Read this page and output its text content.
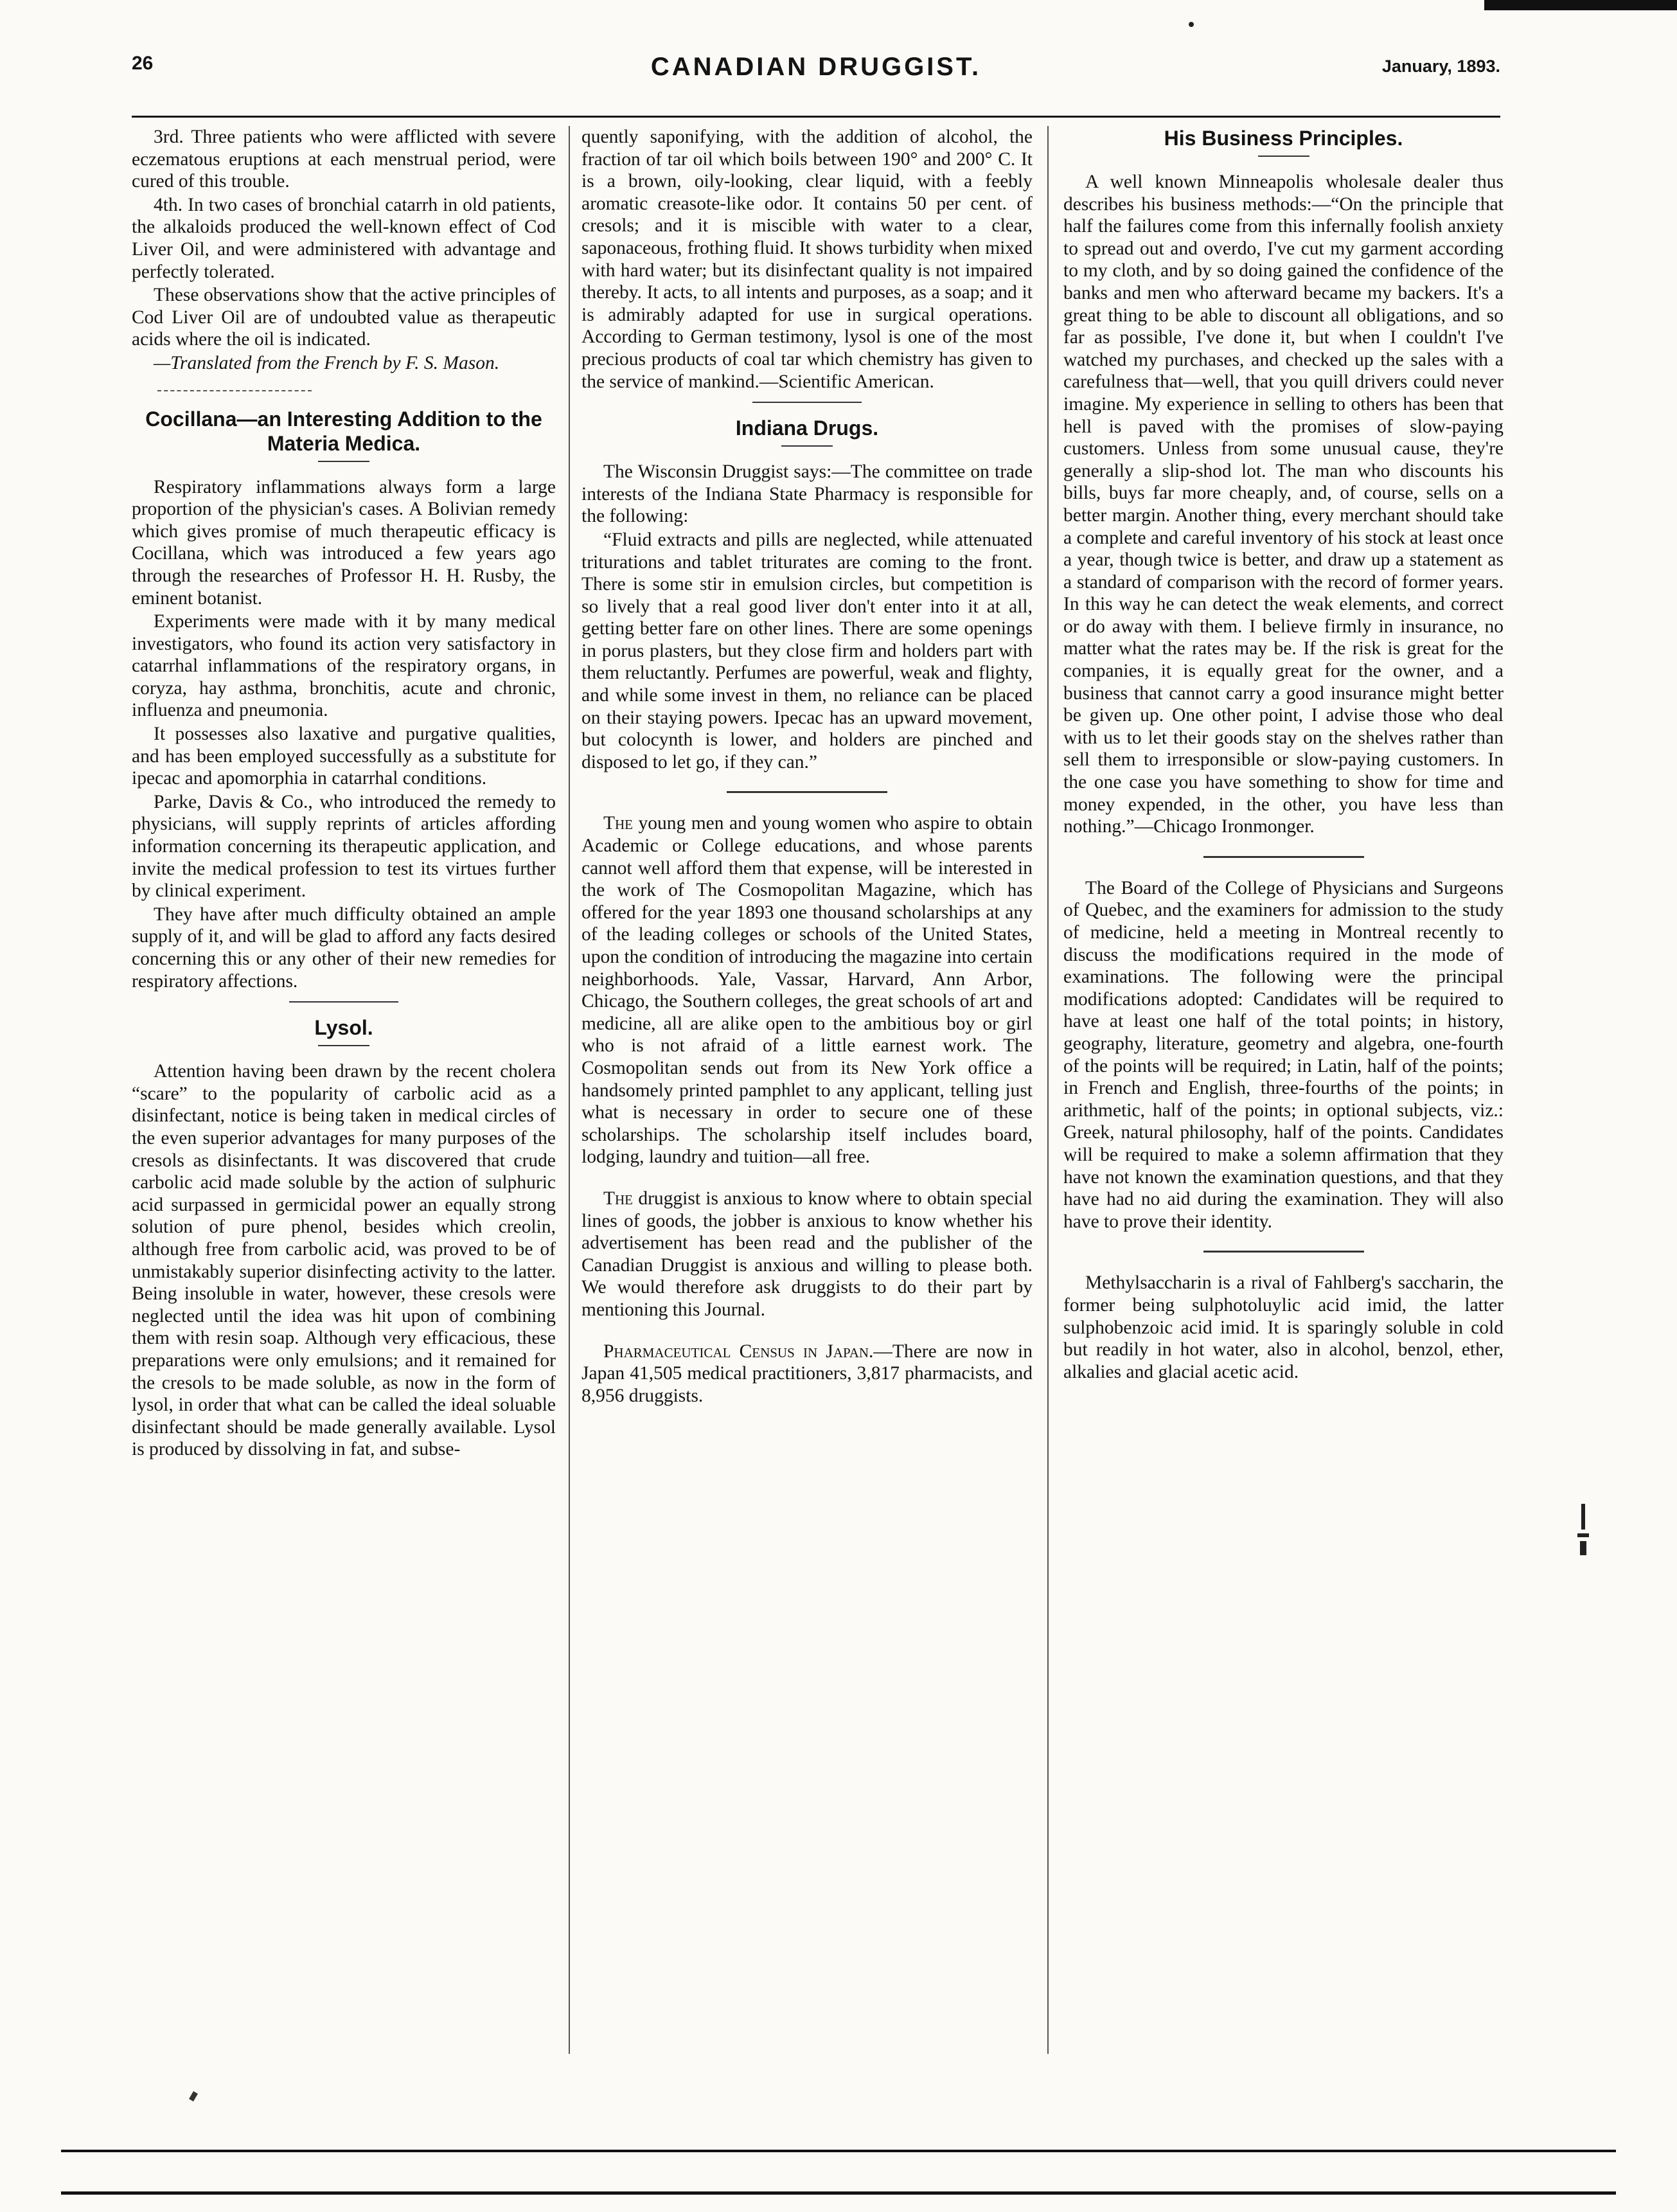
26	CANADIAN DRUGGIST.	January, 1893.

3rd. Three patients who were afflicted with severe eczematous eruptions at each menstrual period, were cured of this trouble.

4th. In two cases of bronchial catarrh in old patients, the alkaloids produced the well-known effect of Cod Liver Oil, and were administered with advantage and perfectly tolerated.

These observations show that the active principles of Cod Liver Oil are of undoubted value as therapeutic acids where the oil is indicated.

—Translated from the French by F. S. Mason.

Cocillana—an Interesting Addition to the Materia Medica.

Respiratory inflammations always form a large proportion of the physician's cases. A Bolivian remedy which gives promise of much therapeutic efficacy is Cocillana, which was introduced a few years ago through the researches of Professor H. H. Rusby, the eminent botanist.

Experiments were made with it by many medical investigators, who found its action very satisfactory in catarrhal inflammations of the respiratory organs, in coryza, hay asthma, bronchitis, acute and chronic, influenza and pneumonia.

It possesses also laxative and purgative qualities, and has been employed successfully as a substitute for ipecac and apomorphia in catarrhal conditions.

Parke, Davis & Co., who introduced the remedy to physicians, will supply reprints of articles affording information concerning its therapeutic application, and invite the medical profession to test its virtues further by clinical experiment.

They have after much difficulty obtained an ample supply of it, and will be glad to afford any facts desired concerning this or any other of their new remedies for respiratory affections.

Lysol.

Attention having been drawn by the recent cholera “scare” to the popularity of carbolic acid as a disinfectant, notice is being taken in medical circles of the even superior advantages for many purposes of the cresols as disinfectants. It was discovered that crude carbolic acid made soluble by the action of sulphuric acid surpassed in germicidal power an equally strong solution of pure phenol, besides which creolin, although free from carbolic acid, was proved to be of unmistakably superior disinfecting activity to the latter. Being insoluble in water, however, these cresols were neglected until the idea was hit upon of combining them with resin soap. Although very efficacious, these preparations were only emulsions; and it remained for the cresols to be made soluble, as now in the form of lysol, in order that what can be called the ideal soluable disinfectant should be made generally available. Lysol is produced by dissolving in fat, and subse-

quently saponifying, with the addition of alcohol, the fraction of tar oil which boils between 190° and 200° C. It is a brown, oily-looking, clear liquid, with a feebly aromatic creasote-like odor. It contains 50 per cent. of cresols; and it is miscible with water to a clear, saponaceous, frothing fluid. It shows turbidity when mixed with hard water; but its disinfectant quality is not impaired thereby. It acts, to all intents and purposes, as a soap; and it is admirably adapted for use in surgical operations. According to German testimony, lysol is one of the most precious products of coal tar which chemistry has given to the service of mankind.—Scientific American.

Indiana Drugs.

The Wisconsin Druggist says:—The committee on trade interests of the Indiana State Pharmacy is responsible for the following:

“Fluid extracts and pills are neglected, while attenuated triturations and tablet triturates are coming to the front. There is some stir in emulsion circles, but competition is so lively that a real good liver don't enter into it at all, getting better fare on other lines. There are some openings in porus plasters, but they close firm and holders part with them reluctantly. Perfumes are powerful, weak and flighty, and while some invest in them, no reliance can be placed on their staying powers. Ipecac has an upward movement, but colocynth is lower, and holders are pinched and disposed to let go, if they can.”

The young men and young women who aspire to obtain Academic or College educations, and whose parents cannot well afford them that expense, will be interested in the work of The Cosmopolitan Magazine, which has offered for the year 1893 one thousand scholarships at any of the leading colleges or schools of the United States, upon the condition of introducing the magazine into certain neighborhoods. Yale, Vassar, Harvard, Ann Arbor, Chicago, the Southern colleges, the great schools of art and medicine, all are alike open to the ambitious boy or girl who is not afraid of a little earnest work. The Cosmopolitan sends out from its New York office a handsomely printed pamphlet to any applicant, telling just what is necessary in order to secure one of these scholarships. The scholarship itself includes board, lodging, laundry and tuition—all free.

The druggist is anxious to know where to obtain special lines of goods, the jobber is anxious to know whether his advertisement has been read and the publisher of the Canadian Druggist is anxious and willing to please both. We would therefore ask druggists to do their part by mentioning this Journal.

Pharmaceutical Census in Japan.—There are now in Japan 41,505 medical practitioners, 3,817 pharmacists, and 8,956 druggists.

His Business Principles.

A well known Minneapolis wholesale dealer thus describes his business methods:—“On the principle that half the failures come from this infernally foolish anxiety to spread out and overdo, I've cut my garment according to my cloth, and by so doing gained the confidence of the banks and men who afterward became my backers. It's a great thing to be able to discount all obligations, and so far as possible, I've done it, but when I couldn't I've watched my purchases, and checked up the sales with a carefulness that—well, that you quill drivers could never imagine. My experience in selling to others has been that hell is paved with the promises of slow-paying customers. Unless from some unusual cause, they're generally a slip-shod lot. The man who discounts his bills, buys far more cheaply, and, of course, sells on a better margin. Another thing, every merchant should take a complete and careful inventory of his stock at least once a year, though twice is better, and draw up a statement as a standard of comparison with the record of former years. In this way he can detect the weak elements, and correct or do away with them. I believe firmly in insurance, no matter what the rates may be. If the risk is great for the companies, it is equally great for the owner, and a business that cannot carry a good insurance might better be given up. One other point, I advise those who deal with us to let their goods stay on the shelves rather than sell them to irresponsible or slow-paying customers. In the one case you have something to show for time and money expended, in the other, you have less than nothing.”—Chicago Ironmonger.

The Board of the College of Physicians and Surgeons of Quebec, and the examiners for admission to the study of medicine, held a meeting in Montreal recently to discuss the modifications required in the mode of examinations. The following were the principal modifications adopted: Candidates will be required to have at least one half of the total points; in history, geography, literature, geometry and algebra, one-fourth of the points will be required; in Latin, half of the points; in French and English, three-fourths of the points; in arithmetic, half of the points; in optional subjects, viz.: Greek, natural philosophy, half of the points. Candidates will be required to make a solemn affirmation that they have not known the examination questions, and that they have had no aid during the examination. They will also have to prove their identity.

Methylsaccharin is a rival of Fahlberg's saccharin, the former being sulphotoluylic acid imid, the latter sulphobenzoic acid imid. It is sparingly soluble in cold but readily in hot water, also in alcohol, benzol, ether, alkalies and glacial acetic acid.
